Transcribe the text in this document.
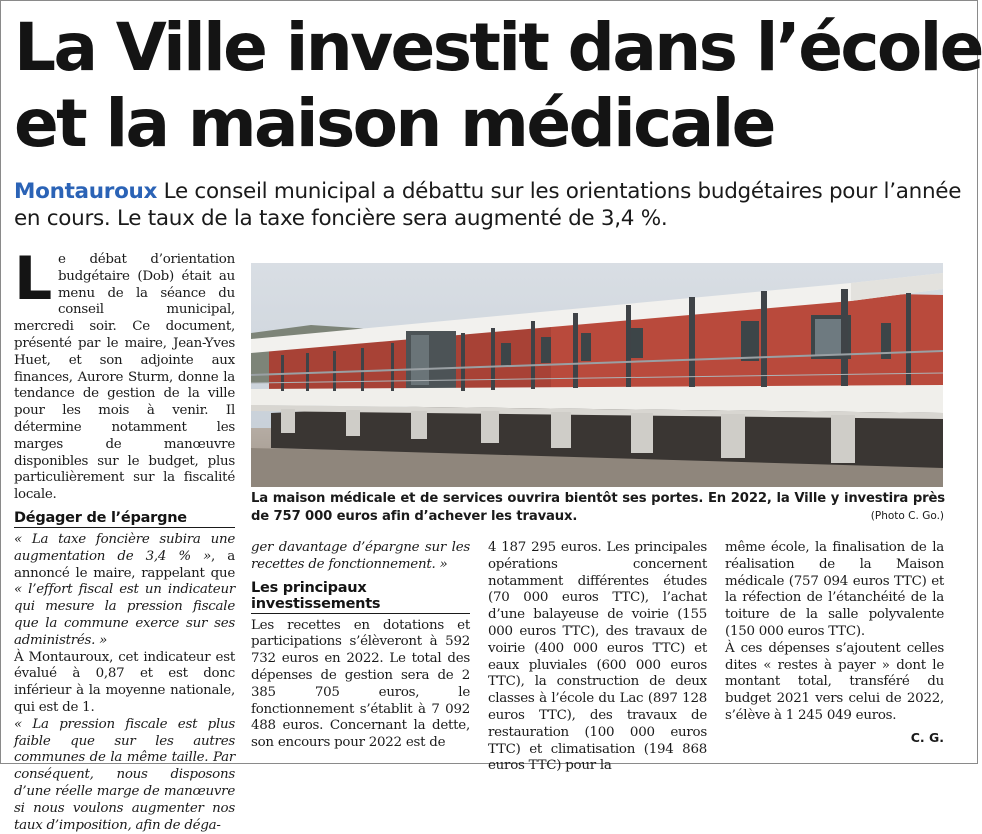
La Ville investit dans l’école
et la maison médicale

Montauroux Le conseil municipal a débattu sur les orientations budgétaires pour l’année en cours. Le taux de la taxe foncière sera augmenté de 3,4 %.

Le débat d’orientation budgétaire (Dob) était au menu de la séance du conseil municipal, mercredi soir. Ce document, présenté par le maire, Jean-Yves Huet, et son adjointe aux finances, Aurore Sturm, donne la tendance de gestion de la ville pour les mois à venir. Il détermine notamment les marges de manœuvre disponibles sur le budget, plus particulièrement sur la fiscalité locale.

Dégager de l’épargne

« La taxe foncière subira une augmentation de 3,4 % », a annoncé le maire, rappelant que « l’effort fiscal est un indicateur qui mesure la pression fiscale que la commune exerce sur ses administrés. »

À Montauroux, cet indicateur est évalué à 0,87 et est donc inférieur à la moyenne nationale, qui est de 1.

« La pression fiscale est plus faible que sur les autres communes de la même taille. Par conséquent, nous disposons d’une réelle marge de manœuvre si nous voulons augmenter nos taux d’imposition, afin de déga-

La maison médicale et de services ouvrira bientôt ses portes. En 2022, la Ville y investira près de 757 000 euros afin d’achever les travaux.	(Photo C. Go.)

ger davantage d’épargne sur les recettes de fonctionnement. »

Les principaux investissements

Les recettes en dotations et participations s’élèveront à 592 732 euros en 2022. Le total des dépenses de gestion sera de 2 385 705 euros, le fonctionnement s’établit à 7 092 488 euros. Concernant la dette, son encours pour 2022 est de

4 187 295 euros. Les principales opérations concernent notamment différentes études (70 000 euros TTC), l’achat d’une balayeuse de voirie (155 000 euros TTC), des travaux de voirie (400 000 euros TTC) et eaux pluviales (600 000 euros TTC), la construction de deux classes à l’école du Lac (897 128 euros TTC), des travaux de restauration (100 000 euros TTC) et climatisation (194 868 euros TTC) pour la

même école, la finalisation de la réalisation de la Maison médicale (757 094 euros TTC) et la réfection de l’étanchéité de la toiture de la salle polyvalente (150 000 euros TTC).

À ces dépenses s’ajoutent celles dites « restes à payer » dont le montant total, transféré du budget 2021 vers celui de 2022, s’élève à 1 245 049 euros.

C. G.
